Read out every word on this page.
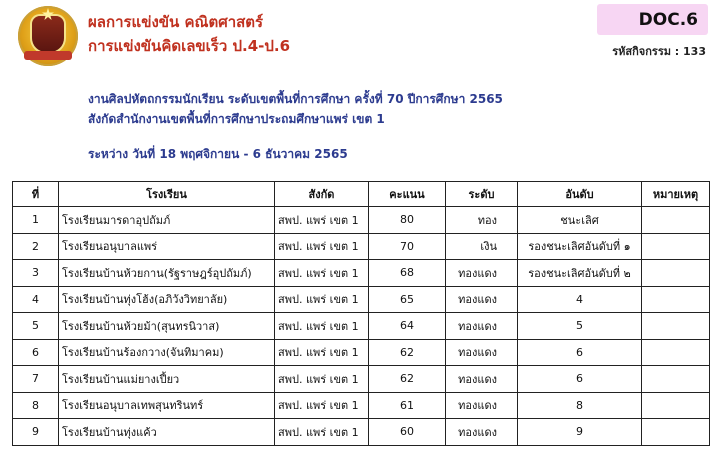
ผลการแข่งขัน คณิตศาสตร์
การแข่งขันคิดเลขเร็ว ป.4-ป.6
DOC.6
รหัสกิจกรรม : 133
งานศิลปหัตถกรรมนักเรียน ระดับเขตพื้นที่การศึกษา ครั้งที่ 70 ปีการศึกษา 2565
สังกัดสำนักงานเขตพื้นที่การศึกษาประถมศึกษาแพร่ เขต 1
ระหว่าง วันที่ 18 พฤศจิกายน - 6 ธันวาคม 2565
ที่	โรงเรียน	สังกัด	คะแนน	ระดับ	อันดับ	หมายเหตุ
1	โรงเรียนมารดาอุปถัมภ์	สพป. แพร่ เขต 1	80	ทอง	ชนะเลิศ	
2	โรงเรียนอนุบาลแพร่	สพป. แพร่ เขต 1	70	เงิน	รองชนะเลิศอันดับที่ ๑	
3	โรงเรียนบ้านห้วยกาน(รัฐราษฎร์อุปถัมภ์)	สพป. แพร่ เขต 1	68	ทองแดง	รองชนะเลิศอันดับที่ ๒	
4	โรงเรียนบ้านทุ่งโฮ้ง(อภิวังวิทยาลัย)	สพป. แพร่ เขต 1	65	ทองแดง	4	
5	โรงเรียนบ้านห้วยม้า(สุนทรนิวาส)	สพป. แพร่ เขต 1	64	ทองแดง	5	
6	โรงเรียนบ้านร้องกวาง(จันทิมาคม)	สพป. แพร่ เขต 1	62	ทองแดง	6	
7	โรงเรียนบ้านแม่ยางเปี้ยว	สพป. แพร่ เขต 1	62	ทองแดง	6	
8	โรงเรียนอนุบาลเทพสุนทรินทร์	สพป. แพร่ เขต 1	61	ทองแดง	8	
9	โรงเรียนบ้านทุ่งแค้ว	สพป. แพร่ เขต 1	60	ทองแดง	9	
